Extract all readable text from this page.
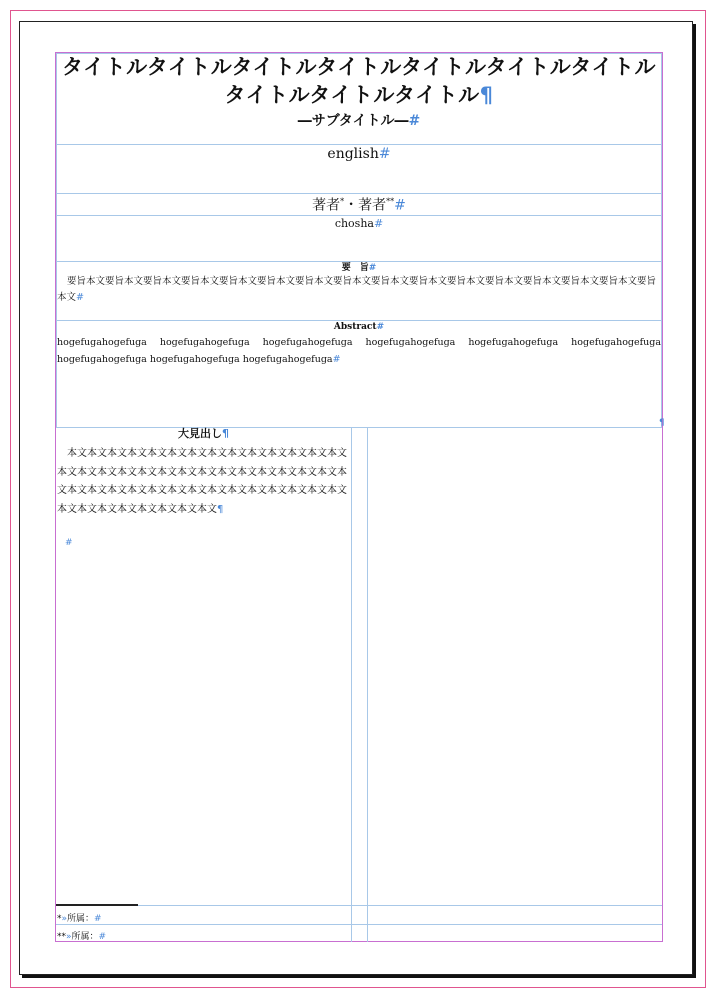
タイトルタイトルタイトルタイトルタイトルタイトルタイトルタイトルタイトルタイトル¶
―サブタイトル―#
english#
著者*・著者**#
chosha#
要　旨#
要旨本文要旨本文要旨本文要旨本文要旨本文要旨本文要旨本文要旨本文要旨本文要旨本文要旨本文要旨本文要旨本文要旨本文要旨本文要旨本文#
Abstract#
hogefugahogefuga hogefugahogefuga hogefugahogefuga hogefugahogefuga hogefugahogefuga hogefugahogefuga hogefugahogefuga hogefugahogefuga hogefugahogefuga#
¶
大見出し¶
本文本文本文本文本文本文本文本文本文本文本文本文本文本文本文本文本文本文本文本文本文本文本文本文本文本文本文本文本文本文本文本文本文本文本文本文本文本文本文本文本文本文本文本文本文本文本文本文本文本文本文¶
#
*»所属：#
**»所属：#
